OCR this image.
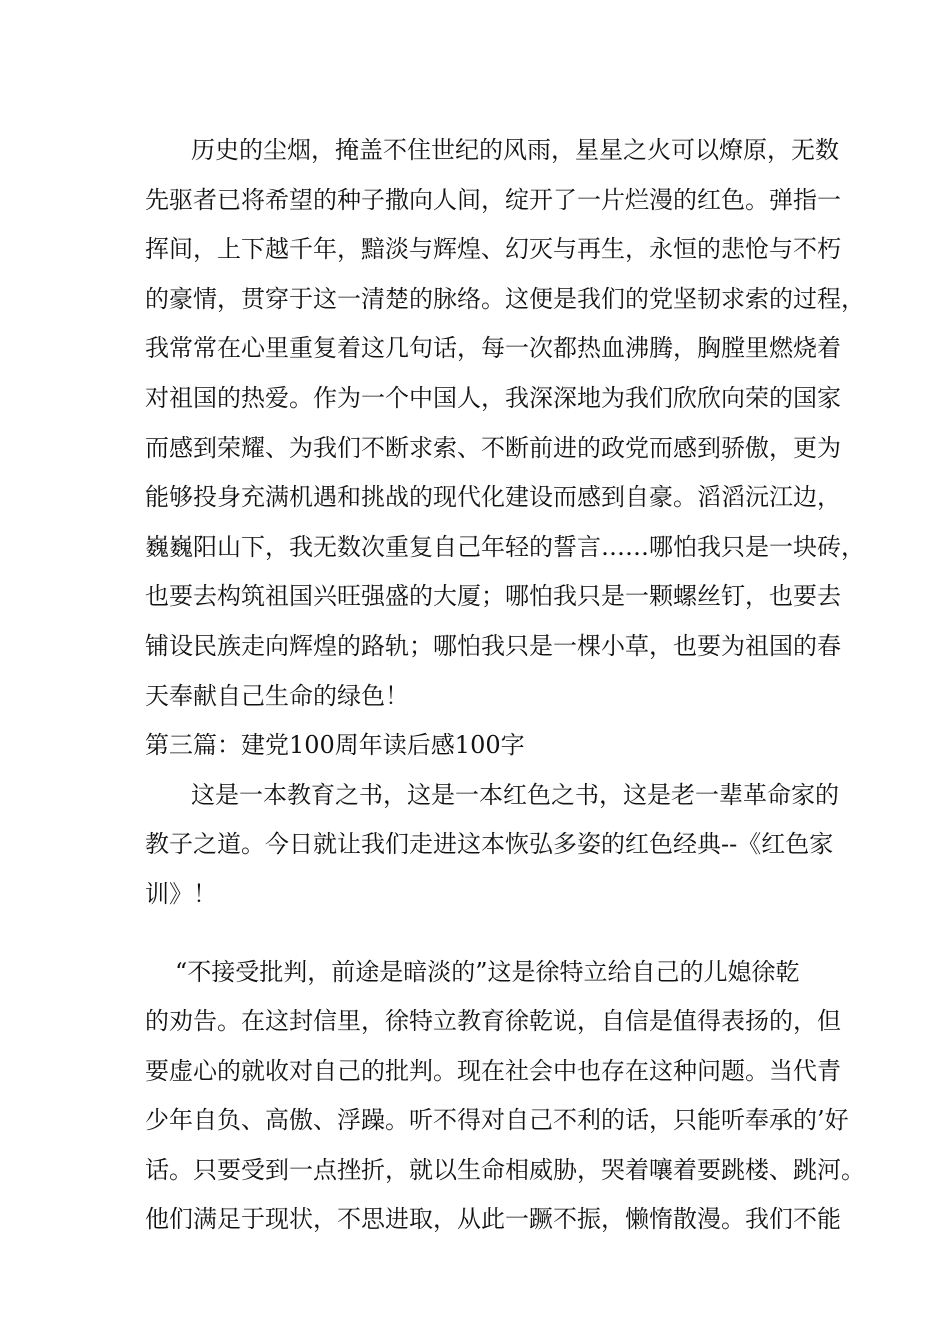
历史的尘烟，掩盖不住世纪的风雨，星星之火可以燎原，无数
先驱者已将希望的种子撒向人间，绽开了一片烂漫的红色。弹指一
挥间，上下越千年，黯淡与辉煌、幻灭与再生，永恒的悲怆与不朽
的豪情，贯穿于这一清楚的脉络。这便是我们的党坚韧求索的过程，
我常常在心里重复着这几句话，每一次都热血沸腾，胸膛里燃烧着
对祖国的热爱。作为一个中国人，我深深地为我们欣欣向荣的国家
而感到荣耀、为我们不断求索、不断前进的政党而感到骄傲，更为
能够投身充满机遇和挑战的现代化建设而感到自豪。滔滔沅江边，
巍巍阳山下，我无数次重复自己年轻的誓言……哪怕我只是一块砖，
也要去构筑祖国兴旺强盛的大厦；哪怕我只是一颗螺丝钉，也要去
铺设民族走向辉煌的路轨；哪怕我只是一棵小草，也要为祖国的春
天奉献自己生命的绿色！
第三篇：建党100周年读后感100字
这是一本教育之书，这是一本红色之书，这是老一辈革命家的
教子之道。今日就让我们走进这本恢弘多姿的红色经典--《红色家
训》！
“不接受批判，前途是暗淡的”这是徐特立给自己的儿媳徐乾
的劝告。在这封信里，徐特立教育徐乾说，自信是值得表扬的，但
要虚心的就收对自己的批判。现在社会中也存在这种问题。当代青
少年自负、高傲、浮躁。听不得对自己不利的话，只能听奉承的’好
话。只要受到一点挫折，就以生命相威胁，哭着嚷着要跳楼、跳河。
他们满足于现状，不思进取，从此一蹶不振，懒惰散漫。我们不能
